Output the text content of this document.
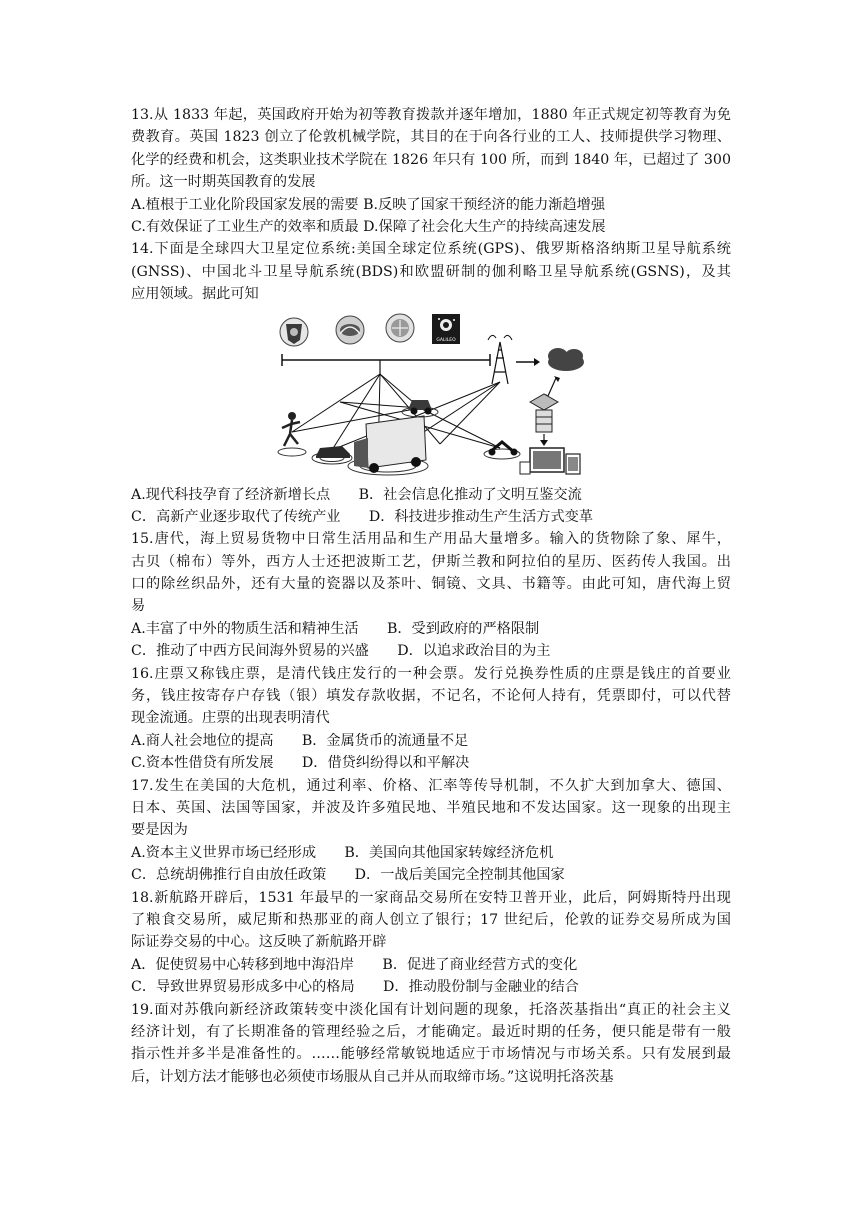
13.从 1833 年起，英国政府开始为初等教育拨款并逐年增加，1880 年正式规定初等教育为免
费教育。英国 1823 创立了伦敦机械学院，其目的在于向各行业的工人、技师提供学习物理、
化学的经费和机会，这类职业技术学院在 1826 年只有 100 所，而到 1840 年，已超过了 300
所。这一时期英国教育的发展
A.植根于工业化阶段国家发展的需要 B.反映了国家干预经济的能力渐趋增强
C.有效保证了工业生产的效率和质最 D.保障了社会化大生产的持续高速发展
14.下面是全球四大卫星定位系统:美国全球定位系统(GPS)、俄罗斯格洛纳斯卫星导航系统
(GNSS)、中国北斗卫星导航系统(BDS)和欧盟研制的伽利略卫星导航系统(GSNS)，及其
应用领域。据此可知
GALILEO
A.现代科技孕育了经济新增长点　　B．社会信息化推动了文明互鉴交流
C．高新产业逐步取代了传统产业　　D．科技进步推动生产生活方式变革
15.唐代，海上贸易货物中日常生活用品和生产用品大量增多。输入的货物除了象、犀牛，
古贝（棉布）等外，西方人士还把波斯工艺，伊斯兰教和阿拉伯的星历、医药传人我国。出
口的除丝织品外，还有大量的瓷器以及茶叶、铜镜、文具、书籍等。由此可知，唐代海上贸
易
A.丰富了中外的物质生活和精神生活　　B．受到政府的严格限制
C．推动了中西方民间海外贸易的兴盛　　D．以追求政治目的为主
16.庄票又称钱庄票，是清代钱庄发行的一种会票。发行兑换券性质的庄票是钱庄的首要业
务，钱庄按寄存户存钱（银）填发存款收据，不记名，不论何人持有，凭票即付，可以代替
现金流通。庄票的出现表明清代
A.商人社会地位的提高　　B．金属货币的流通量不足
C.资本性借贷有所发展　　D．借贷纠纷得以和平解决
17.发生在美国的大危机，通过利率、价格、汇率等传导机制，不久扩大到加拿大、德国、
日本、英国、法国等国家，并波及许多殖民地、半殖民地和不发达国家。这一现象的出现主
要是因为
A.资本主义世界市场已经形成　　B．美国向其他国家转嫁经济危机
C．总统胡佛推行自由放任政策　　D．一战后美国完全控制其他国家
18.新航路开辟后，1531 年最早的一家商品交易所在安特卫普开业，此后，阿姆斯特丹出现
了粮食交易所，威尼斯和热那亚的商人创立了银行；17 世纪后，伦敦的证券交易所成为国
际证券交易的中心。这反映了新航路开辟
A．促使贸易中心转移到地中海沿岸　　B．促进了商业经营方式的变化
C．导致世界贸易形成多中心的格局　　D．推动股份制与金融业的结合
19.面对苏俄向新经济政策转变中淡化国有计划问题的现象，托洛茨基指出“真正的社会主义
经济计划，有了长期准备的管理经验之后，才能确定。最近时期的任务，便只能是带有一般
指示性并多半是准备性的。……能够经常敏锐地适应于市场情况与市场关系。只有发展到最
后，计划方法才能够也必须使市场服从自己并从而取缔市场。”这说明托洛茨基
